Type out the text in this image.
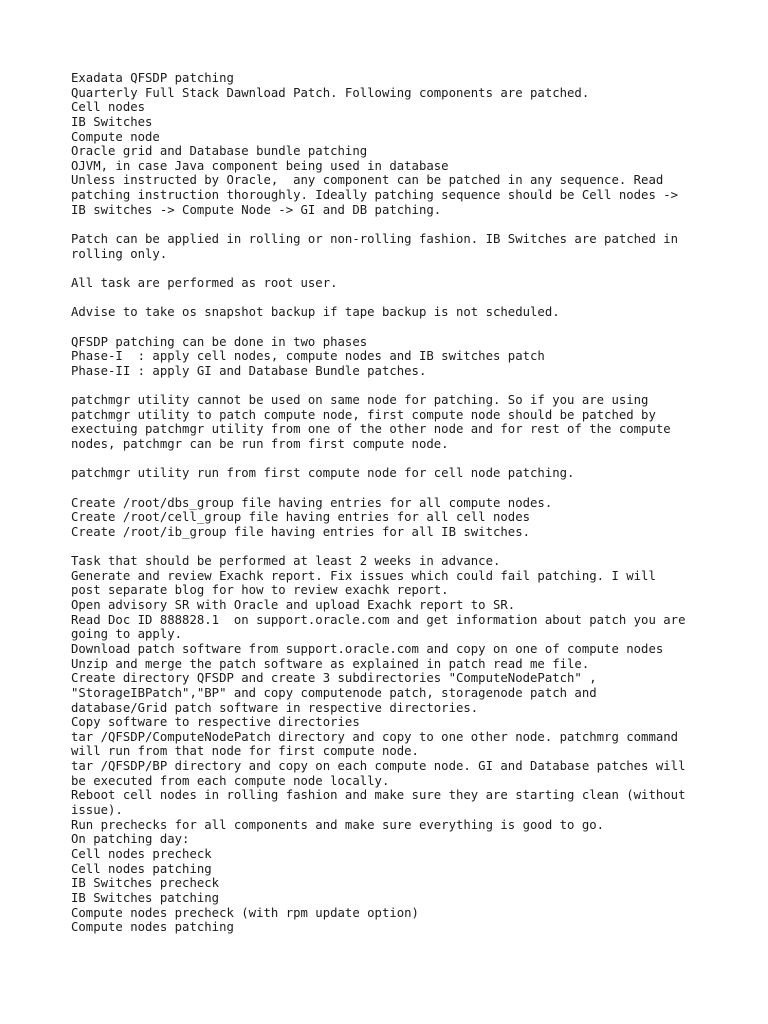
Exadata QFSDP patching
Quarterly Full Stack Dawnload Patch. Following components are patched.
Cell nodes
IB Switches
Compute node
Oracle grid and Database bundle patching
OJVM, in case Java component being used in database
Unless instructed by Oracle,  any component can be patched in any sequence. Read
patching instruction thoroughly. Ideally patching sequence should be Cell nodes ->
IB switches -> Compute Node -> GI and DB patching.
Patch can be applied in rolling or non-rolling fashion. IB Switches are patched in
rolling only.
All task are performed as root user.
Advise to take os snapshot backup if tape backup is not scheduled.
QFSDP patching can be done in two phases
Phase-I  : apply cell nodes, compute nodes and IB switches patch
Phase-II : apply GI and Database Bundle patches.
patchmgr utility cannot be used on same node for patching. So if you are using
patchmgr utility to patch compute node, first compute node should be patched by
exectuing patchmgr utility from one of the other node and for rest of the compute
nodes, patchmgr can be run from first compute node.
patchmgr utility run from first compute node for cell node patching.
Create /root/dbs_group file having entries for all compute nodes.
Create /root/cell_group file having entries for all cell nodes
Create /root/ib_group file having entries for all IB switches.
Task that should be performed at least 2 weeks in advance.
Generate and review Exachk report. Fix issues which could fail patching. I will
post separate blog for how to review exachk report.
Open advisory SR with Oracle and upload Exachk report to SR.
Read Doc ID 888828.1  on support.oracle.com and get information about patch you are
going to apply.
Download patch software from support.oracle.com and copy on one of compute nodes
Unzip and merge the patch software as explained in patch read me file.
Create directory QFSDP and create 3 subdirectories "ComputeNodePatch" ,
"StorageIBPatch","BP" and copy computenode patch, storagenode patch and
database/Grid patch software in respective directories.
Copy software to respective directories
tar /QFSDP/ComputeNodePatch directory and copy to one other node. patchmrg command
will run from that node for first compute node.
tar /QFSDP/BP directory and copy on each compute node. GI and Database patches will
be executed from each compute node locally.
Reboot cell nodes in rolling fashion and make sure they are starting clean (without
issue).
Run prechecks for all components and make sure everything is good to go.
On patching day:
Cell nodes precheck
Cell nodes patching
IB Switches precheck
IB Switches patching
Compute nodes precheck (with rpm update option)
Compute nodes patching
